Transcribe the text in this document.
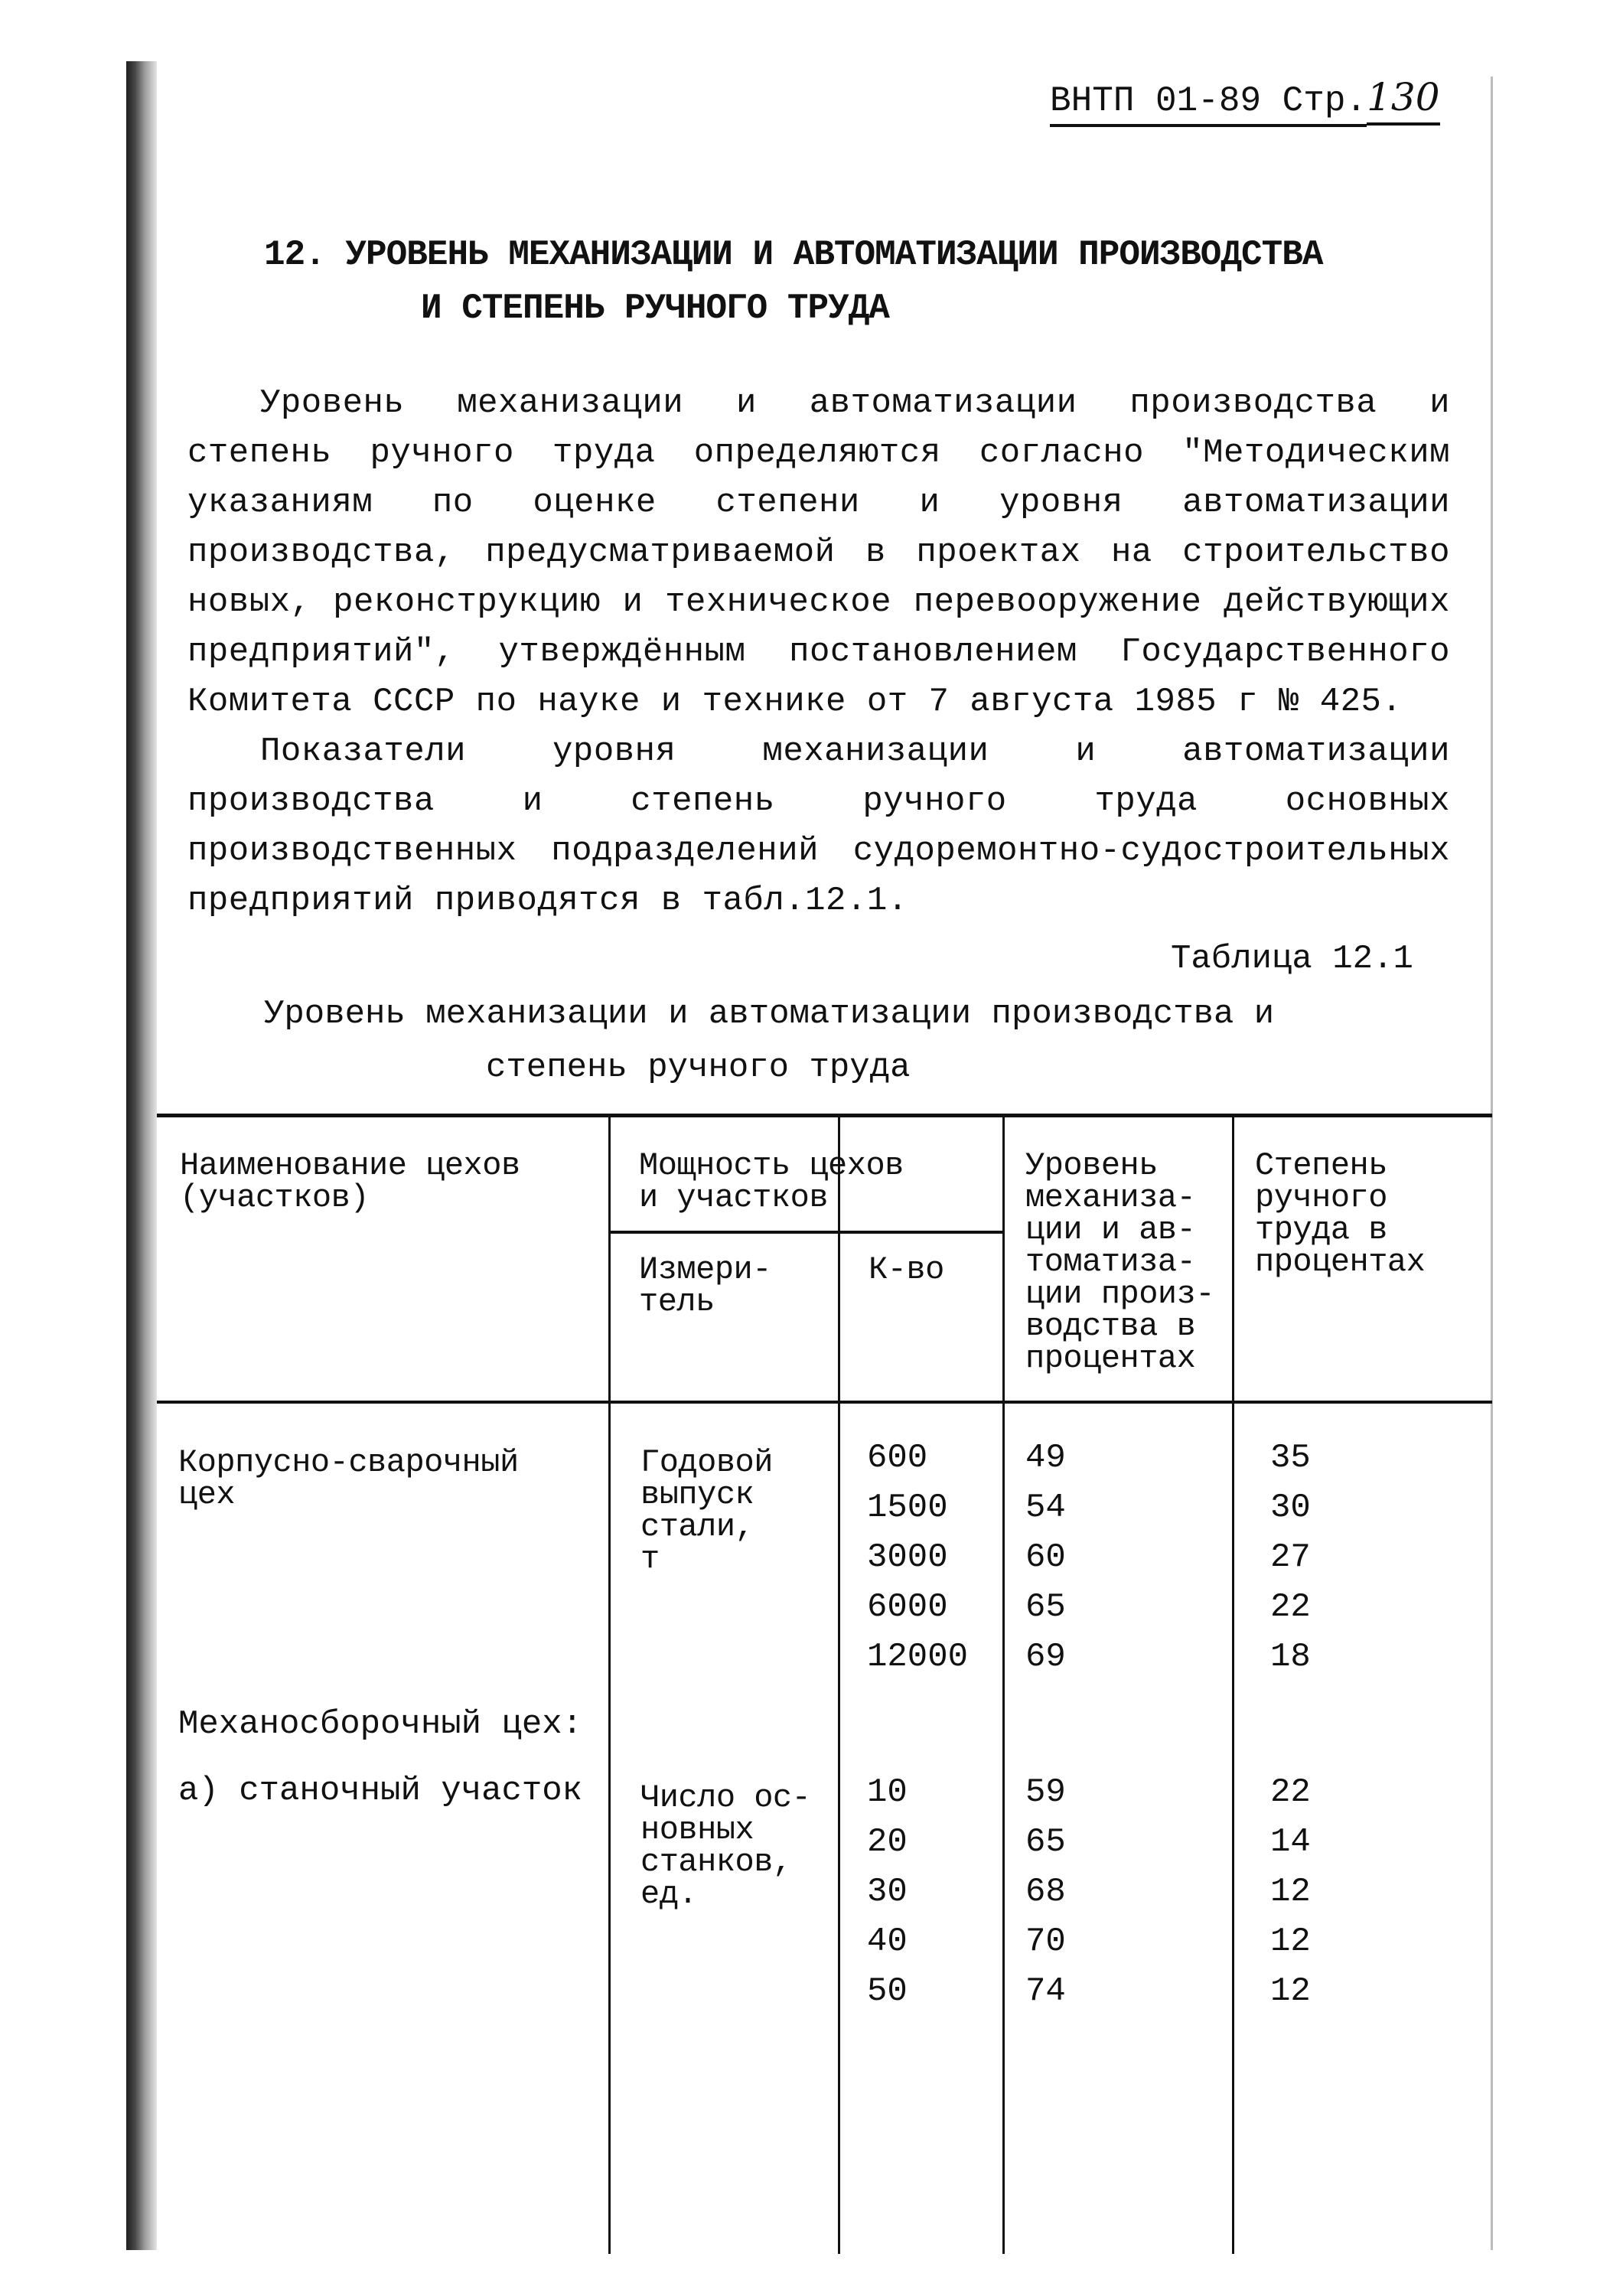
ВНТП 01-89 Стр.130
12. УРОВЕНЬ МЕХАНИЗАЦИИ И АВТОМАТИЗАЦИИ ПРОИЗВОДСТВА
И СТЕПЕНЬ РУЧНОГО ТРУДА

Уровень механизации и автоматизации производства и степень ручного труда определяются согласно "Методическим указаниям по оценке степени и уровня автоматизации производства, предусматриваемой в проектах на строительство новых, реконструкцию и техническое перевооружение действующих предприятий", утверждённым постановлением Государственного Комитета СССР по науке и технике от 7 августа 1985 г № 425.

Показатели уровня механизации и автоматизации производства и степень ручного труда основных производственных подразделений судоремонтно-судостроительных предприятий приводятся в табл.12.1.

Таблица 12.1
Уровень механизации и автоматизации производства и
степень ручного труда
Наименование цехов
(участков)
Мощность цехов
и участков
Измери-
тель
К-во
Уровень
механиза-
ции и ав-
томатиза-
ции произ-
водства в
процентах
Степень
ручного
труда в
процентах
Корпусно-сварочный
цех
Годовой
выпуск
стали,
т
600
1500
3000
6000
12000
49
54
60
65
69
35
30
27
22
18
Механосборочный цех:
а) станочный участок Число ос-
новных
станков,
ед.
10
20
30
40
50
59
65
68
70
74
22
14
12
12
12
